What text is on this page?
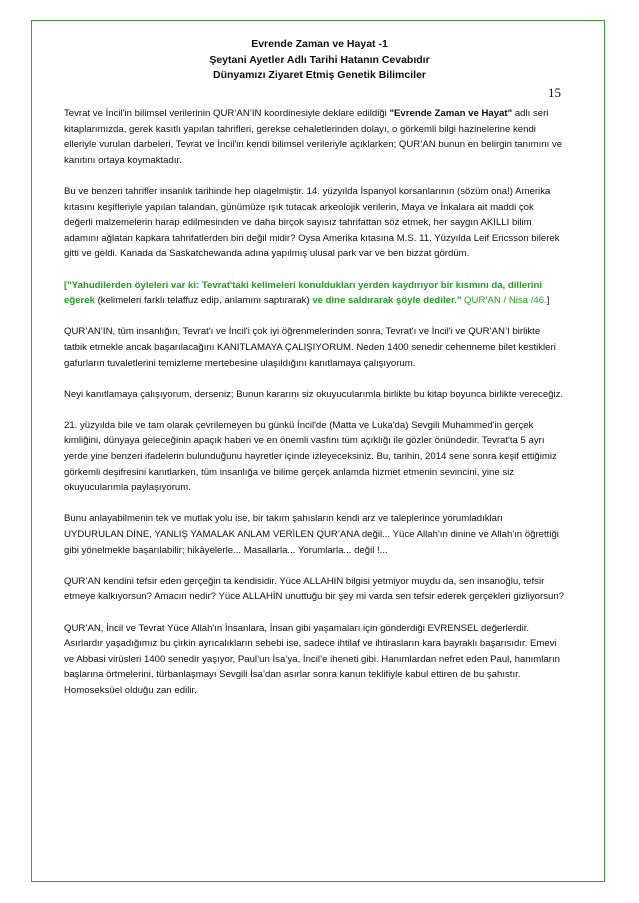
Evrende Zaman ve Hayat -1
Şeytani Ayetler Adlı Tarihi Hatanın Cevabıdır
Dünyamızı Ziyaret Etmiş Genetik Bilimciler
15

Tevrat ve İncil'in bilimsel verilerinin QUR’AN’IN koordinesiyle deklare edildiği "Evrende Zaman ve Hayat" adlı seri kitaplarımızda, gerek kasıtlı yapılan tahrifleri, gerekse cehaletlerinden dolayı, o görkemli bilgi hazinelerine kendi elleriyle vurulan darbeleri, Tevrat ve İncil'in kendi bilimsel verileriyle açıklarken; QUR’AN bunun en belirgin tanımını ve kanıtını ortaya koymaktadır.

Bu ve benzeri tahrifler insanlık tarihinde hep olagelmiştir. 14. yüzyılda İspanyol korsanlarının (sözüm ona!) Amerika kıtasını keşifleriyle yapılan talandan, günümüze ışık tutacak arkeolojik verilerin, Maya ve İnkalara ait maddi çok değerli malzemelerin harap edilmesinden ve daha birçok sayısız tahrifattan söz etmek, her saygın AKILLI bilim adamını ağlatan kapkara tahrifatlerden biri değil midir? Oysa Amerika kıtasına M.S. 11. Yüzyılda Leif Ericsson bilerek gitti ve geldi. Kanada da Saskatchewanda adına yapılmış ulusal park var ve ben bizzat gördüm.

["Yahudilerden öyleleri var ki: Tevrat'taki kelimeleri konuldukları yerden kaydırıyor bir kısmını da, dillerini eğerek (kelimeleri farklı telaffuz edip, anlamını saptırarak) ve dine saldırarak şöyle dediler." QUR’AN / Nisa /46.]

QUR’AN’IN, tüm insanlığın, Tevrat'ı ve İncil'i çok iyi öğrenmelerinden sonra, Tevrat'ı ve İncil'i ve QUR’AN’I birlikte tatbik etmekle ancak başarılacağını KANITLAMAYA ÇALIŞIYORUM. Neden 1400 senedir cehenneme bilet kestikleri gafurların tuvaletlerini temizleme mertebesine ulaşıldığını kanıtlamaya çalışıyorum.

Neyi kanıtlamaya çalışıyorum, derseniz; Bunun kararını siz okuyucularımla birlikte bu kitap boyunca birlikte vereceğiz.

21. yüzyılda bile ve tam olarak çevrilemeyen bu günkü İncil'de (Matta ve Luka'da) Sevgili Muhammed'in gerçek kimliğini, dünyaya geleceğinin apaçık haberi ve en önemli vasfını tüm açıklığı ile gözler önündedir. Tevrat'ta 5 ayrı yerde yine benzeri ifadelerin bulunduğunu hayretler içinde izleyeceksiniz. Bu, tarihin, 2014 sene sonra keşif ettiğimiz görkemli deşifresini kanıtlarken, tüm insanlığa ve bilime gerçek anlamda hizmet etmenin sevincini, yine siz okuyucularımla paylaşıyorum.

Bunu anlayabilmenin tek ve mutlak yolu ise, bir takım şahısların kendi arz ve taleplerince yorumladıkları UYDURULAN DİNE, YANLIŞ YAMALAK ANLAM VERİLEN QUR’ANA değil... Yüce Allah'ın dinine ve Allah'ın öğrettiği gibi yönelmekle başarılabilir; hikâyelerle... Masallarla... Yorumlarla... değil !...

QUR’AN kendini tefsir eden gerçeğin ta kendisidir. Yüce ALLAHIN bilgisi yetmiyor muydu da, sen insanoğlu, tefsir etmeye kalkıyorsun? Amacın nedir? Yüce ALLAHİN unuttuğu bir şey mi varda sen tefsir ederek gerçekleri gizliyorsun?

QUR’AN, İncil ve Tevrat Yüce Allah'ın İnsanlara, İnsan gibi yaşamaları için gönderdiği EVRENSEL değerlerdir. Asırlardır yaşadığımız bu çirkin ayrıcalıkların sebebi ise, sadece ihtilaf ve ihtirasların kara bayraklı başarısıdır. Emevi ve Abbasi virüsleri 1400 senedir yaşıyor, Paul’un İsa’ya, İncil’e iheneti gibi. Hanımlardan nefret eden Paul, hanımların başlarına örtmelerini, türbanlaşmayı Sevgili İsa’dan asırlar sonra kanun teklifiyle kabul ettiren de bu şahıstır. Homoseksüel olduğu zan edilir.
